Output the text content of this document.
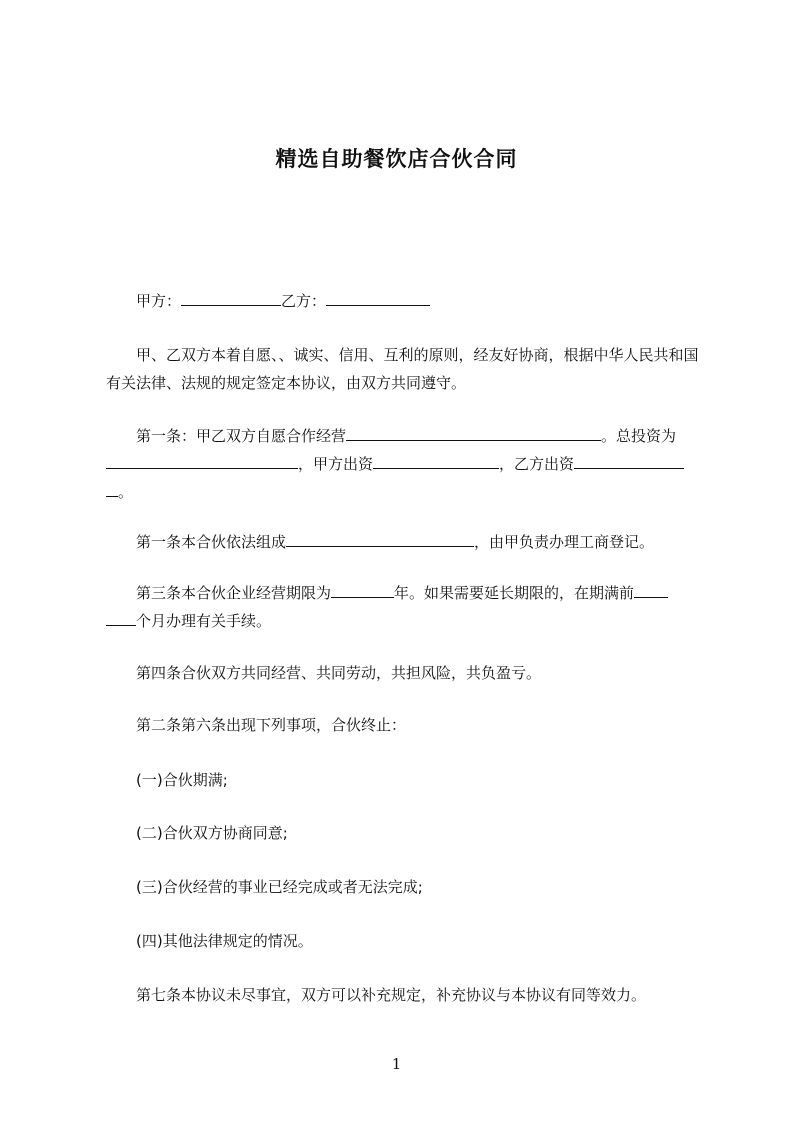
精选自助餐饮店合伙合同
甲方：	乙方：
甲、乙双方本着自愿、、诚实、信用、互利的原则，经友好协商，根据中华人民共和国有关法律、法规的规定签定本协议，由双方共同遵守。
第一条：甲乙双方自愿合作经营	。总投资为
，甲方出资	，乙方出资
。
第一条本合伙依法组成	，由甲负责办理工商登记。
第三条本合伙企业经营期限为	年。如果需要延长期限的，在期满前
个月办理有关手续。
第四条合伙双方共同经营、共同劳动，共担风险，共负盈亏。
第二条第六条出现下列事项，合伙终止：
(一)合伙期满;
(二)合伙双方协商同意;
(三)合伙经营的事业已经完成或者无法完成;
(四)其他法律规定的情况。
第七条本协议未尽事宜，双方可以补充规定，补充协议与本协议有同等效力。
1
